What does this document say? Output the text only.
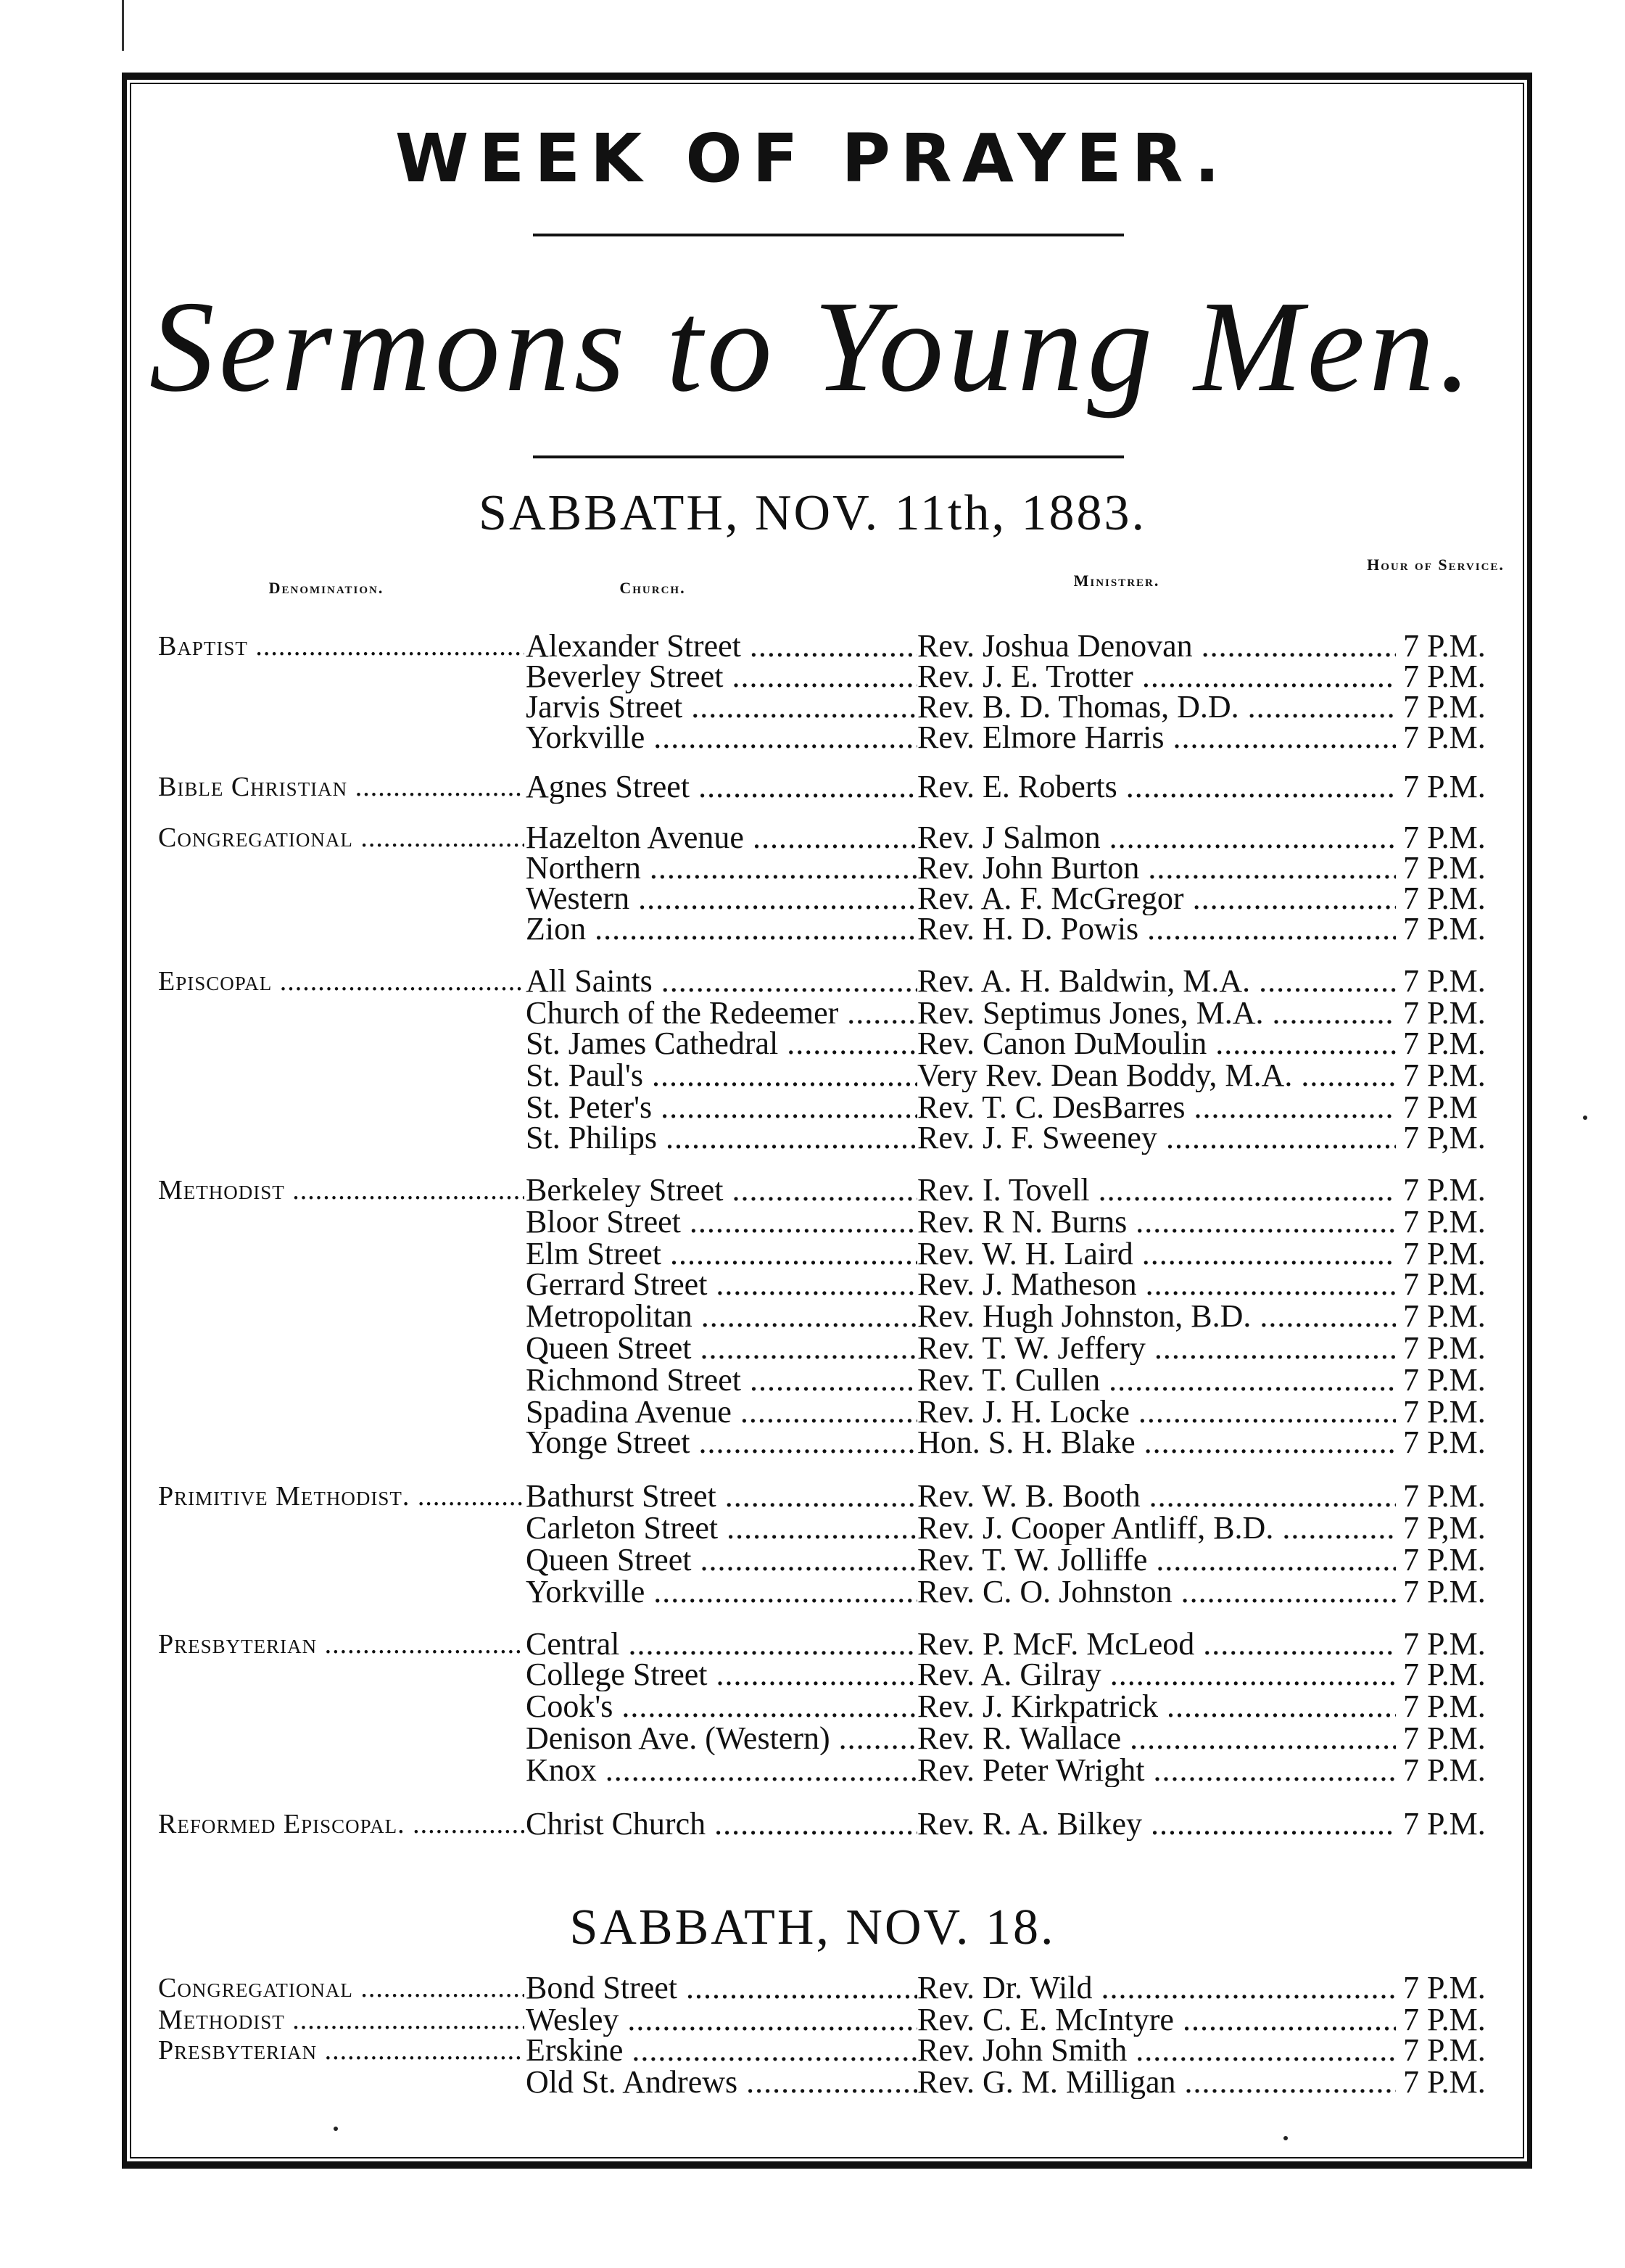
WEEK OF PRAYER.
Sermons to Young Men.
SABBATH, NOV. 11th, 1883.
Denomination.	Church.	Ministrer.
Hour of Service.
Baptist .....	Alexander Street .....	Rev. Joshua Denovan .....	7 P.M.
Beverley Street .....	Rev. J. E. Trotter .....	7 P.M.
Jarvis Street .....	Rev. B. D. Thomas, D.D. .....	7 P.M.
Yorkville .....	Rev. Elmore Harris .....	7 P.M.
Bible Christian .....	Agnes Street .....	Rev. E. Roberts .....	7 P.M.
Congregational .....	Hazelton Avenue .....	Rev. J Salmon .....	7 P.M.
Northern .....	Rev. John Burton .....	7 P.M.
Western .....	Rev. A. F. McGregor .....	7 P.M.
Zion .....	Rev. H. D. Powis .....	7 P.M.
Episcopal .....	All Saints .....	Rev. A. H. Baldwin, M.A. .....	7 P.M.
Church of the Redeemer .....	Rev. Septimus Jones, M.A. .....	7 P.M.
St. James Cathedral .....	Rev. Canon DuMoulin .....	7 P.M.
St. Paul's .....	Very Rev. Dean Boddy, M.A. .....	7 P.M.
St. Peter's .....	Rev. T. C. DesBarres .....	7 P.M
St. Philips .....	Rev. J. F. Sweeney .....	7 P,M.
Methodist .....	Berkeley Street .....	Rev. I. Tovell .....	7 P.M.
Bloor Street .....	Rev. R N. Burns .....	7 P.M.
Elm Street .....	Rev. W. H. Laird .....	7 P.M.
Gerrard Street .....	Rev. J. Matheson .....	7 P.M.
Metropolitan .....	Rev. Hugh Johnston, B.D. .....	7 P.M.
Queen Street .....	Rev. T. W. Jeffery .....	7 P.M.
Richmond Street .....	Rev. T. Cullen .....	7 P.M.
Spadina Avenue .....	Rev. J. H. Locke .....	7 P.M.
Yonge Street .....	Hon. S. H. Blake .....	7 P.M.
Primitive Methodist. .....	Bathurst Street .....	Rev. W. B. Booth .....	7 P.M.
Carleton Street .....	Rev. J. Cooper Antliff, B.D. .....	7 P,M.
Queen Street .....	Rev. T. W. Jolliffe .....	7 P.M.
Yorkville .....	Rev. C. O. Johnston .....	7 P.M.
Presbyterian .....	Central .....	Rev. P. McF. McLeod .....	7 P.M.
College Street .....	Rev. A. Gilray .....	7 P.M.
Cook's .....	Rev. J. Kirkpatrick .....	7 P.M.
Denison Ave. (Western) .....	Rev. R. Wallace .....	7 P.M.
Knox .....	Rev. Peter Wright .....	7 P.M.
Reformed Episcopal. .....	Christ Church .....	Rev. R. A. Bilkey .....	7 P.M.
SABBATH, NOV. 18.
Congregational .....	Bond Street .....	Rev. Dr. Wild .....	7 P.M.
Methodist .....	Wesley .....	Rev. C. E. McIntyre .....	7 P.M.
Presbyterian .....	Erskine .....	Rev. John Smith .....	7 P.M.
Old St. Andrews .....	Rev. G. M. Milligan .....	7 P.M.
